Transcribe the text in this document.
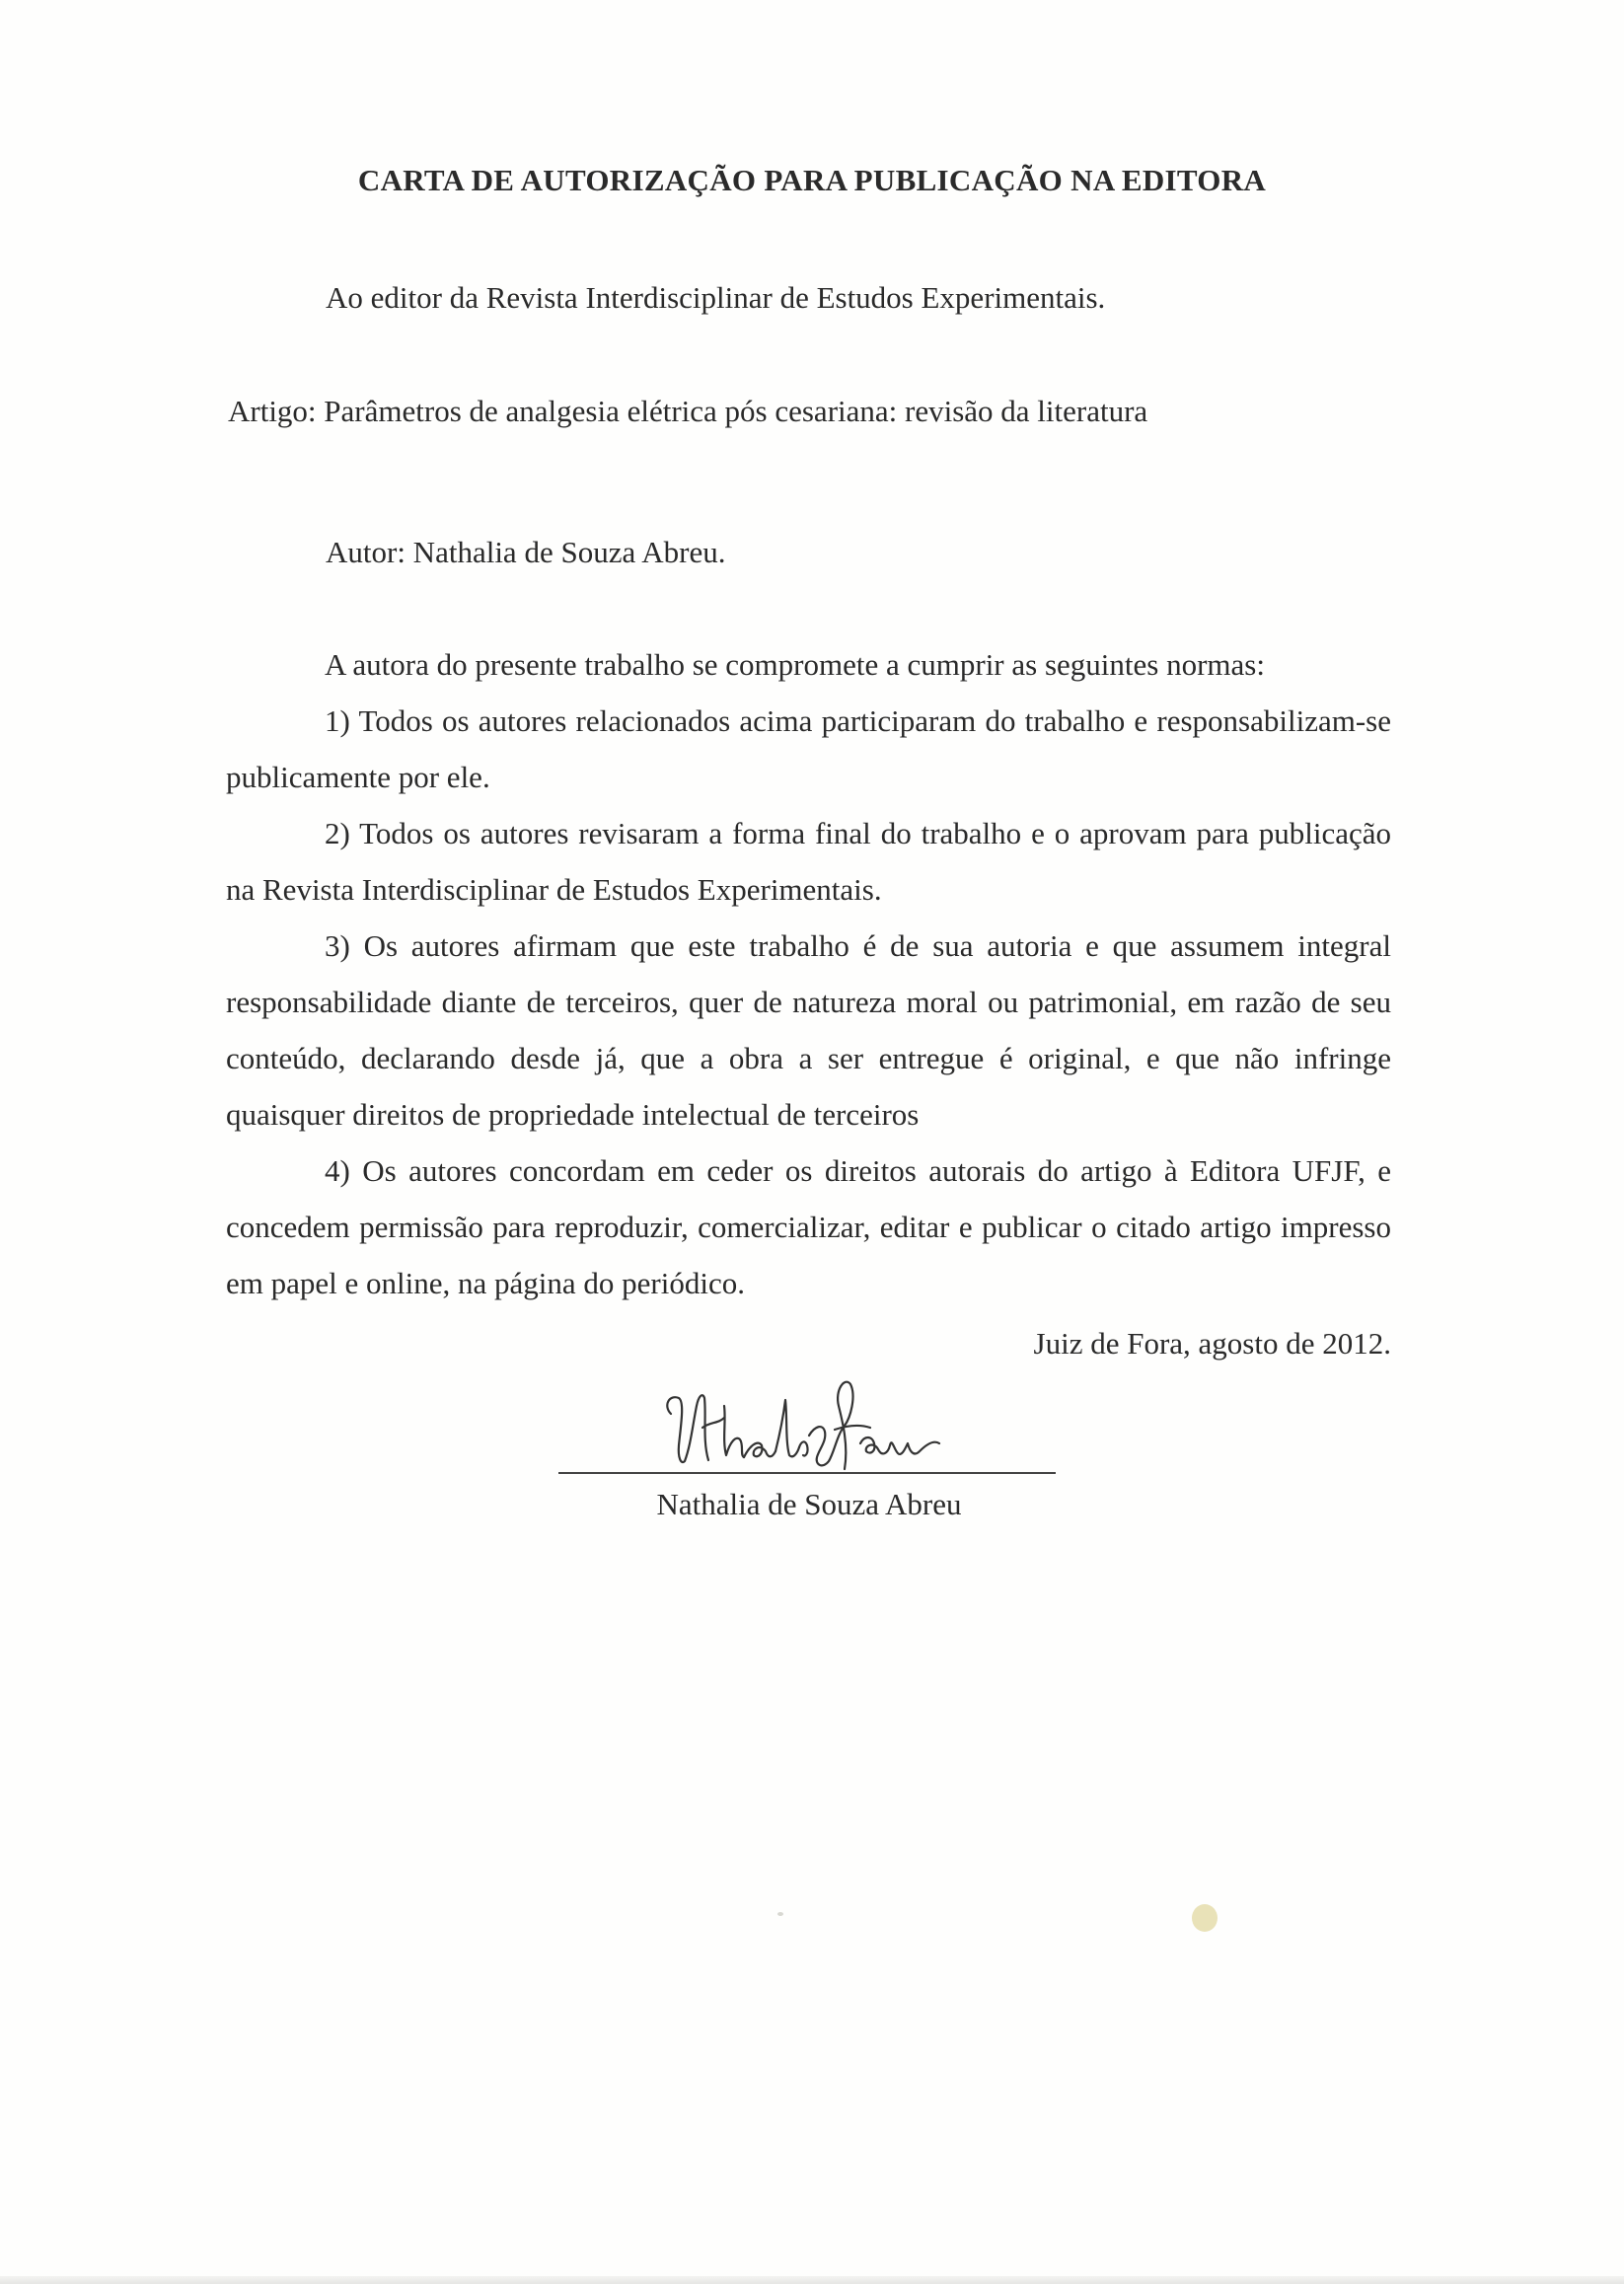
CARTA DE AUTORIZAÇÃO PARA PUBLICAÇÃO NA EDITORA

Ao editor da Revista Interdisciplinar de Estudos Experimentais.

Artigo: Parâmetros de analgesia elétrica pós cesariana: revisão da literatura

Autor: Nathalia de Souza Abreu.

A autora do presente trabalho se compromete a cumprir as seguintes normas:

1) Todos os autores relacionados acima participaram do trabalho e responsabilizam-se publicamente por ele.

2) Todos os autores revisaram a forma final do trabalho e o aprovam para publicação na Revista Interdisciplinar de Estudos Experimentais.

3) Os autores afirmam que este trabalho é de sua autoria e que assumem integral responsabilidade diante de terceiros, quer de natureza moral ou patrimonial, em razão de seu conteúdo, declarando desde já, que a obra a ser entregue é original, e que não infringe quaisquer direitos de propriedade intelectual de terceiros

4) Os autores concordam em ceder os direitos autorais do artigo à Editora UFJF, e concedem permissão para reproduzir, comercializar, editar e publicar o citado artigo impresso em papel e online, na página do periódico.

Juiz de Fora, agosto de 2012.

Nathalia de Souza Abreu
